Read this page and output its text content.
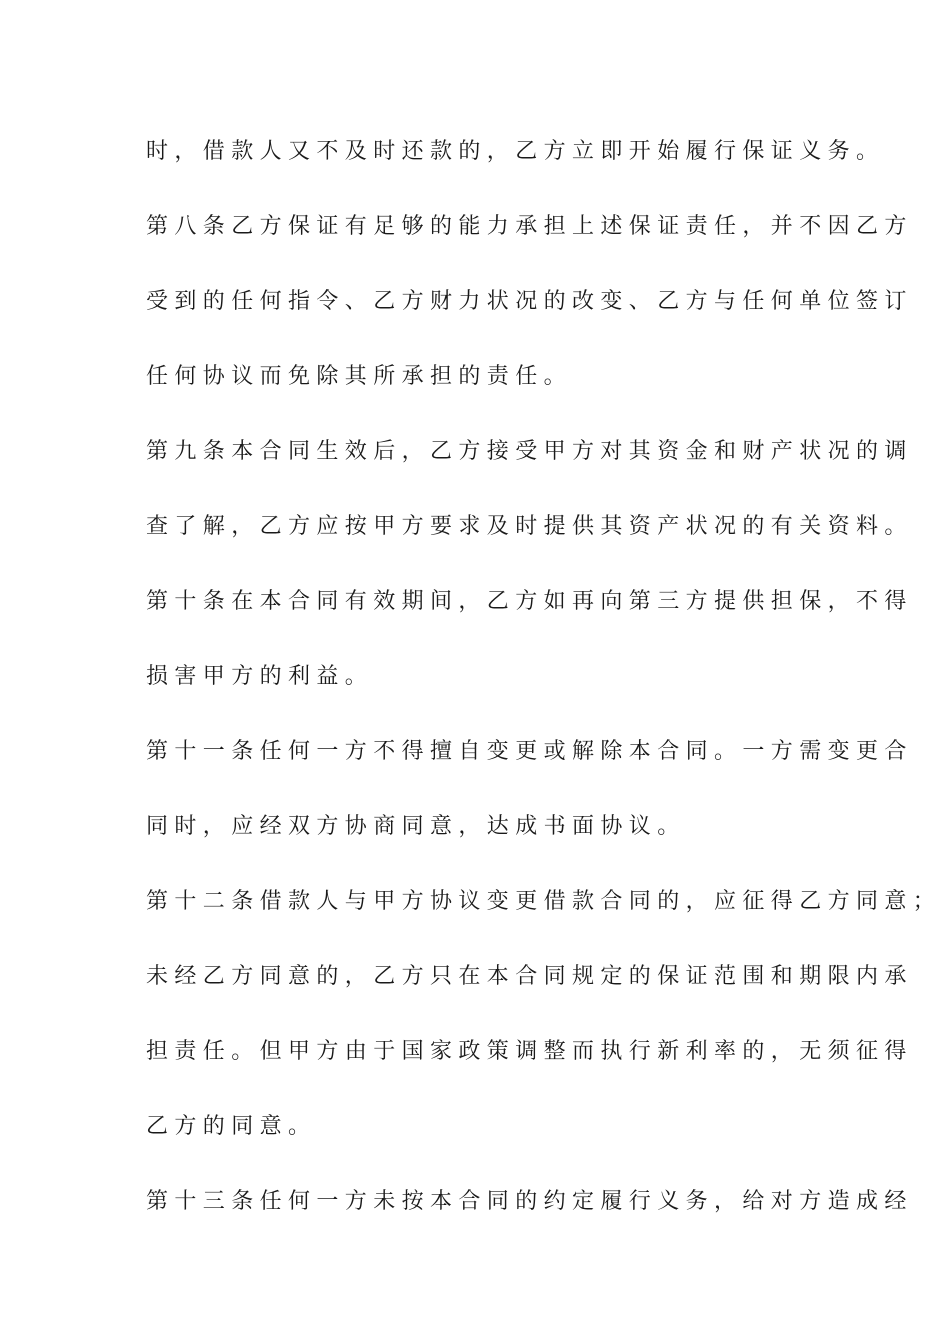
时，借款人又不及时还款的，乙方立即开始履行保证义务。
第八条乙方保证有足够的能力承担上述保证责任，并不因乙方
受到的任何指令、乙方财力状况的改变、乙方与任何单位签订
任何协议而免除其所承担的责任。
第九条本合同生效后，乙方接受甲方对其资金和财产状况的调
查了解，乙方应按甲方要求及时提供其资产状况的有关资料。
第十条在本合同有效期间，乙方如再向第三方提供担保，不得
损害甲方的利益。
第十一条任何一方不得擅自变更或解除本合同。一方需变更合
同时，应经双方协商同意，达成书面协议。
第十二条借款人与甲方协议变更借款合同的，应征得乙方同意；
未经乙方同意的，乙方只在本合同规定的保证范围和期限内承
担责任。但甲方由于国家政策调整而执行新利率的，无须征得
乙方的同意。
第十三条任何一方未按本合同的约定履行义务，给对方造成经
